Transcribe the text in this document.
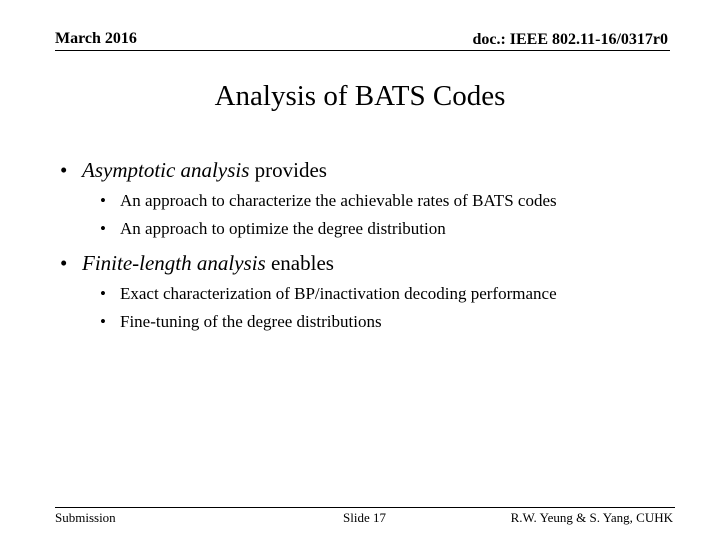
March 2016	doc.: IEEE 802.11-16/0317r0
Analysis of BATS Codes
• Asymptotic analysis provides
• An approach to characterize the achievable rates of BATS codes
• An approach to optimize the degree distribution
• Finite-length analysis enables
• Exact characterization of BP/inactivation decoding performance
• Fine-tuning of the degree distributions
Submission	Slide 17	R.W. Yeung & S. Yang, CUHK
